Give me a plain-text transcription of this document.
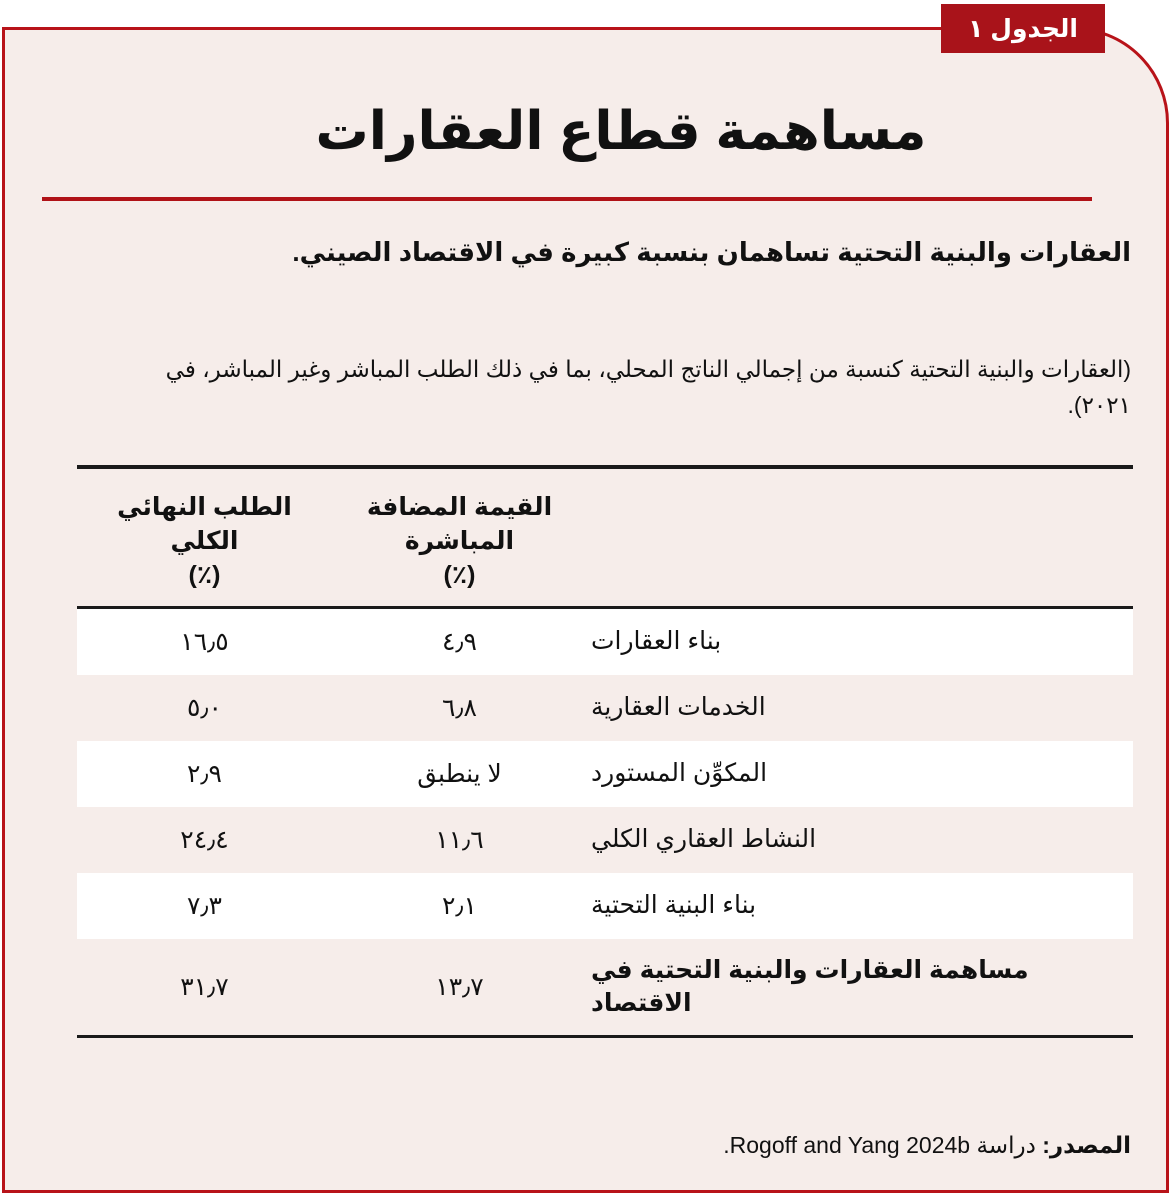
الجدول ١
مساهمة قطاع العقارات
العقارات والبنية التحتية تساهمان بنسبة كبيرة في الاقتصاد الصيني.
(العقارات والبنية التحتية كنسبة من إجمالي الناتج المحلي، بما في ذلك الطلب المباشر وغير المباشر، في ٢٠٢١).
القيمة المضافة
المباشرة
(٪)
الطلب النهائي
الكلي
(٪)
بناء العقارات
٤٫٩
١٦٫٥
الخدمات العقارية
٦٫٨
٥٫٠
المكوِّن المستورد
لا ينطبق
٢٫٩
النشاط العقاري الكلي
١١٫٦
٢٤٫٤
بناء البنية التحتية
٢٫١
٧٫٣
مساهمة العقارات والبنية التحتية في الاقتصاد
١٣٫٧
٣١٫٧
المصدر: دراسة Rogoff and Yang 2024b.
